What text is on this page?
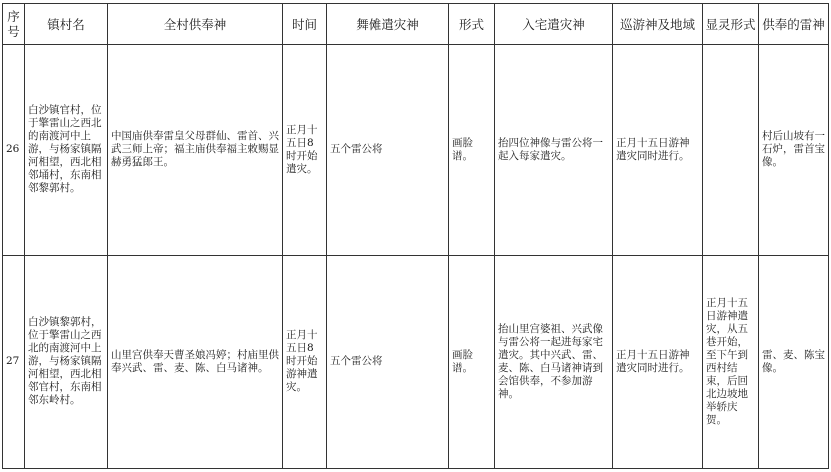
序号	镇村名	全村供奉神	时间	舞傩遣灾神	形式	入宅遣灾神	巡游神及地域	显灵形式	供奉的雷神
26	白沙镇官村，位于擎雷山之西北的南渡河中上游，与杨家镇隔河相望，西北相邻埇村，东南相邻黎郭村。	中国庙供奉雷皇父母群仙、雷首、兴武三师上帝；福主庙供奉福主敕赐显赫勇猛郎王。	正月十五日8时开始遣灾。	五个雷公将	画脸谱。	抬四位神像与雷公将一起入每家遣灾。	正月十五日游神遣灾同时进行。		村后山坡有一石炉，雷首宝像。
27	白沙镇黎郭村，位于擎雷山之西北的南渡河中上游，与杨家镇隔河相望，西北相邻官村，东南相邻东岭村。	山里宫供奉天曹圣娘冯婷；村庙里供奉兴武、雷、麦、陈、白马诸神。	正月十五日8时开始游神遣灾。	五个雷公将	画脸谱。	抬山里宫婆祖、兴武像与雷公将一起进每家宅遣灾。其中兴武、雷、麦、陈、白马诸神请到会馆供奉，不参加游神。	正月十五日游神遣灾同时进行。	正月十五日游神遣灾，从五巷开始，至下午到西村结束，后回北边坡地举轿庆贺。	雷、麦、陈宝像。
